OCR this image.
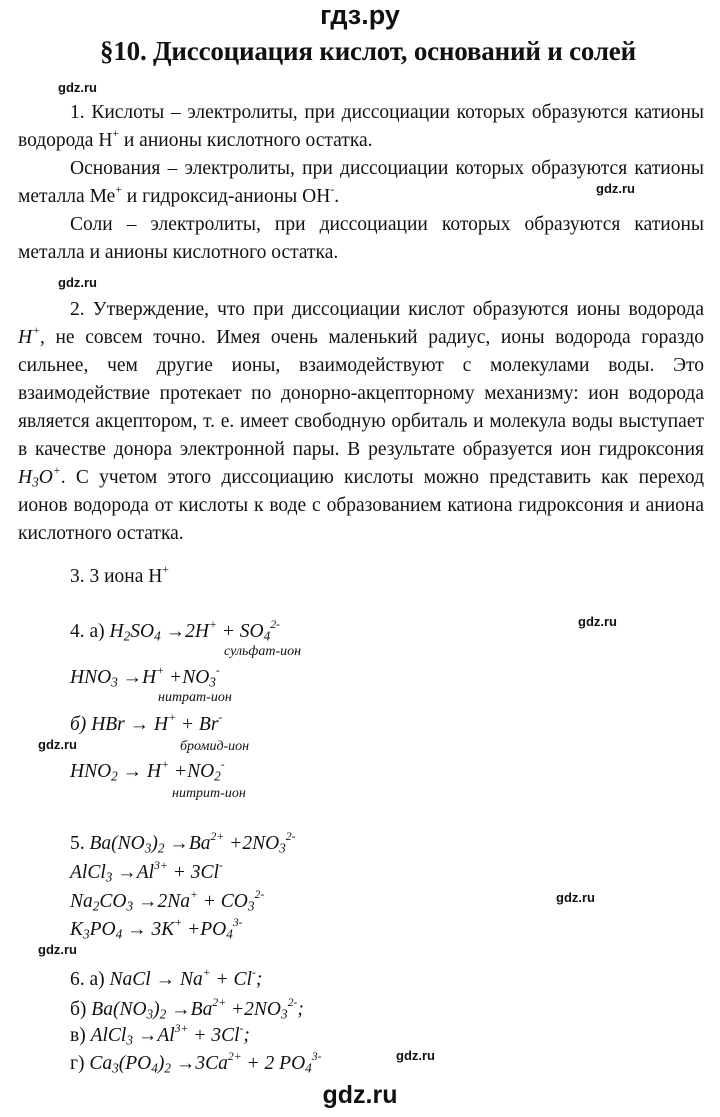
гдз.ру
§10. Диссоциация кислот, оснований и солей
gdz.ru

1. Кислоты – электролиты, при диссоциации которых образуются катионы водорода Н+ и анионы кислотного остатка.

Основания – электролиты, при диссоциации которых образуются катионы металла Ме+ и гидроксид-анионы ОН-.	gdz.ru

Соли – электролиты, при диссоциации которых образуются катионы металла и анионы кислотного остатка.

gdz.ru

2. Утверждение, что при диссоциации кислот образуются ионы водорода H+, не совсем точно. Имея очень маленький радиус, ионы водорода гораздо сильнее, чем другие ионы, взаимодействуют с молекулами воды. Это взаимодействие протекает по донорно-акцепторному механизму: ион водорода является акцептором, т. е. имеет свободную орбиталь и молекула воды выступает в качестве донора электронной пары. В результате образуется ион гидроксония $H_3O^+$. С учетом этого диссоциацию кислоты можно представить как переход ионов водорода от кислоты к воде с образованием катиона гидроксония и аниона кислотного остатка.

3. 3 иона Н+
gdz.ru
4. а) $H_2SO_4 \to 2H^+ + SO_4^{2-}$
сульфат-ион
$HNO_3 \to H^+ +NO_3^-$
нитрат-ион
б) HBr → H+ + Br-
gdz.ru	бромид-ион
$HNO_2 \to H^+ +NO_2^-$
нитрит-ион
5. $Ba(NO_3)_2 \to Ba^{2+} +2NO_3^{2-}$
AlCl$_3$ $\to Al^{3+} + 3Cl^-$
$Na_2CO_3 \to 2Na^+ + CO_3^{2-}$	gdz.ru
$K_3PO_4 \to 3K^+ +PO_4^{3-}$
gdz.ru
6. а) NaCl → Na+ + Cl-;
б) $Ba(NO_3)_2 \to Ba^{2+} +2NO_3^{2-}$;
в) AlCl$_3$ $\to Al^{3+} + 3Cl^-$;
г) $Ca_3(PO_4)_2 \to 3Ca^{2+} + 2$ $PO_4^{3-}$	gdz.ru
gdz.ru
